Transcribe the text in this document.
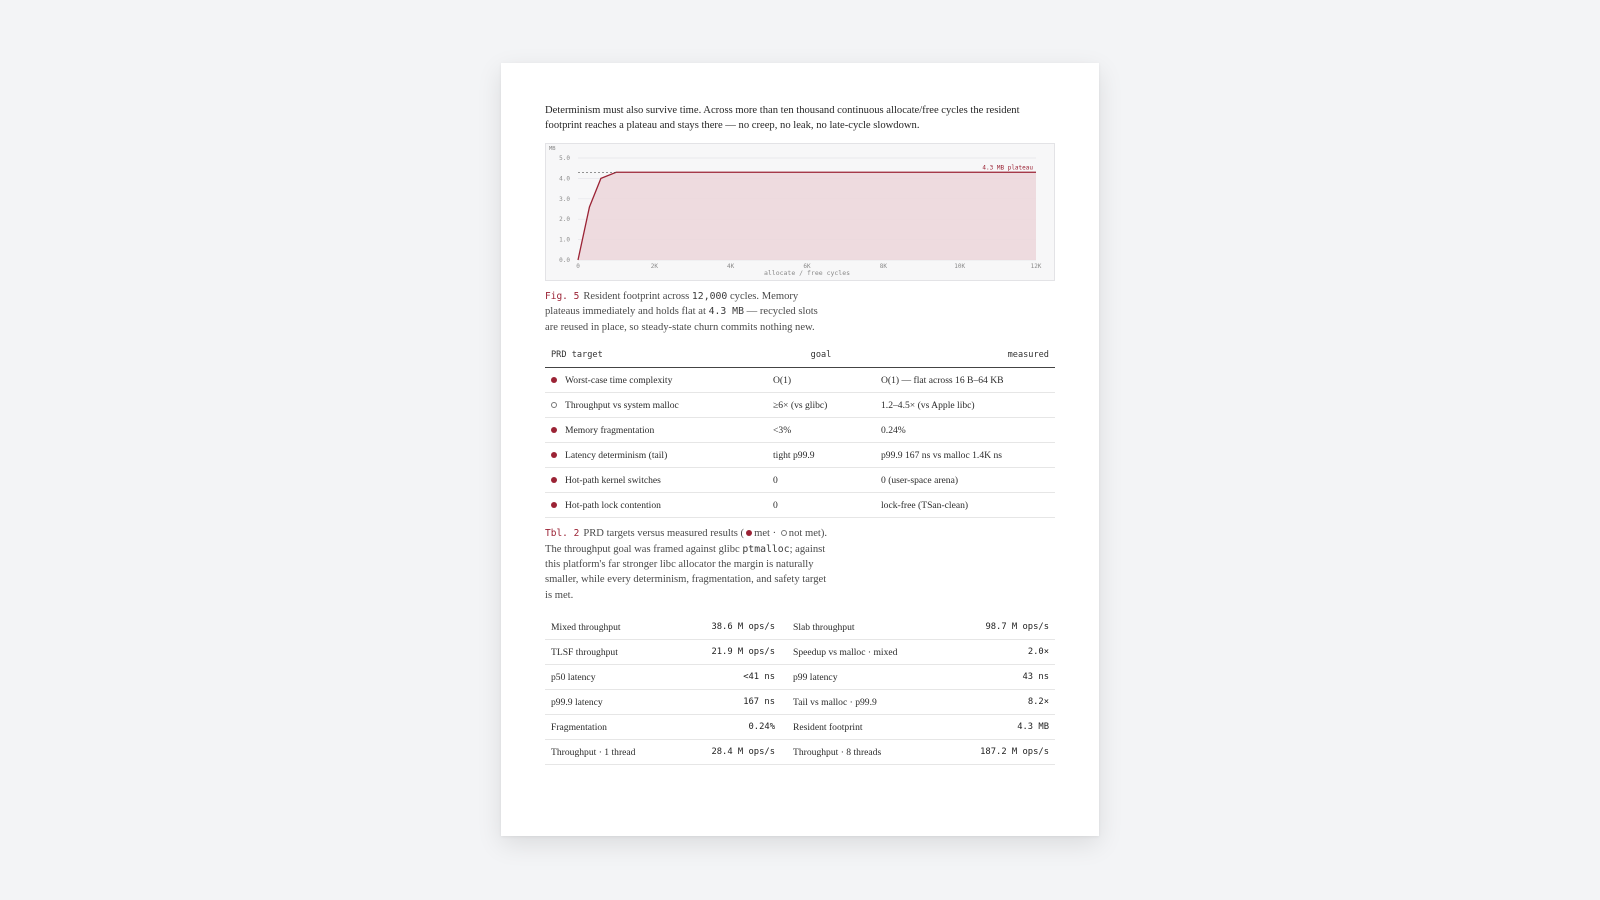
Determinism must also survive time. Across more than ten thousand continuous allocate/free cycles the resident footprint reaches a plateau and stays there — no creep, no leak, no late-cycle slowdown.

0.0
1.0
2.0
3.0
4.0
5.0
0	2K	4K	6K	8K	10K	12K
MB
allocate / free cycles
4.3 MB plateau
Fig. 5 Resident footprint across 12,000 cycles. Memory plateaus immediately and holds flat at 4.3 MB — recycled slots are reused in place, so steady-state churn commits nothing new.
PRD target	goal	measured
Worst-case time complexity	O(1)	O(1) — flat across 16 B–64 KB
Throughput vs system malloc	≥6× (vs glibc)	1.2–4.5× (vs Apple libc)
Memory fragmentation	<3%	0.24%
Latency determinism (tail)	tight p99.9	p99.9 167 ns vs malloc 1.4K ns
Hot-path kernel switches	0	0 (user-space arena)
Hot-path lock contention	0	lock-free (TSan-clean)
Tbl. 2 PRD targets versus measured results ( met · not met). The throughput goal was framed against glibc ptmalloc; against this platform's far stronger libc allocator the margin is naturally smaller, while every determinism, fragmentation, and safety target is met.
Mixed throughput	38.6 M ops/s Slab throughput	98.7 M ops/s
TLSF throughput	21.9 M ops/s Speedup vs malloc · mixed	2.0×
p50 latency	<41 ns p99 latency	43 ns
p99.9 latency	167 ns Tail vs malloc · p99.9	8.2×
Fragmentation	0.24% Resident footprint	4.3 MB
Throughput · 1 thread	28.4 M ops/s Throughput · 8 threads	187.2 M ops/s
